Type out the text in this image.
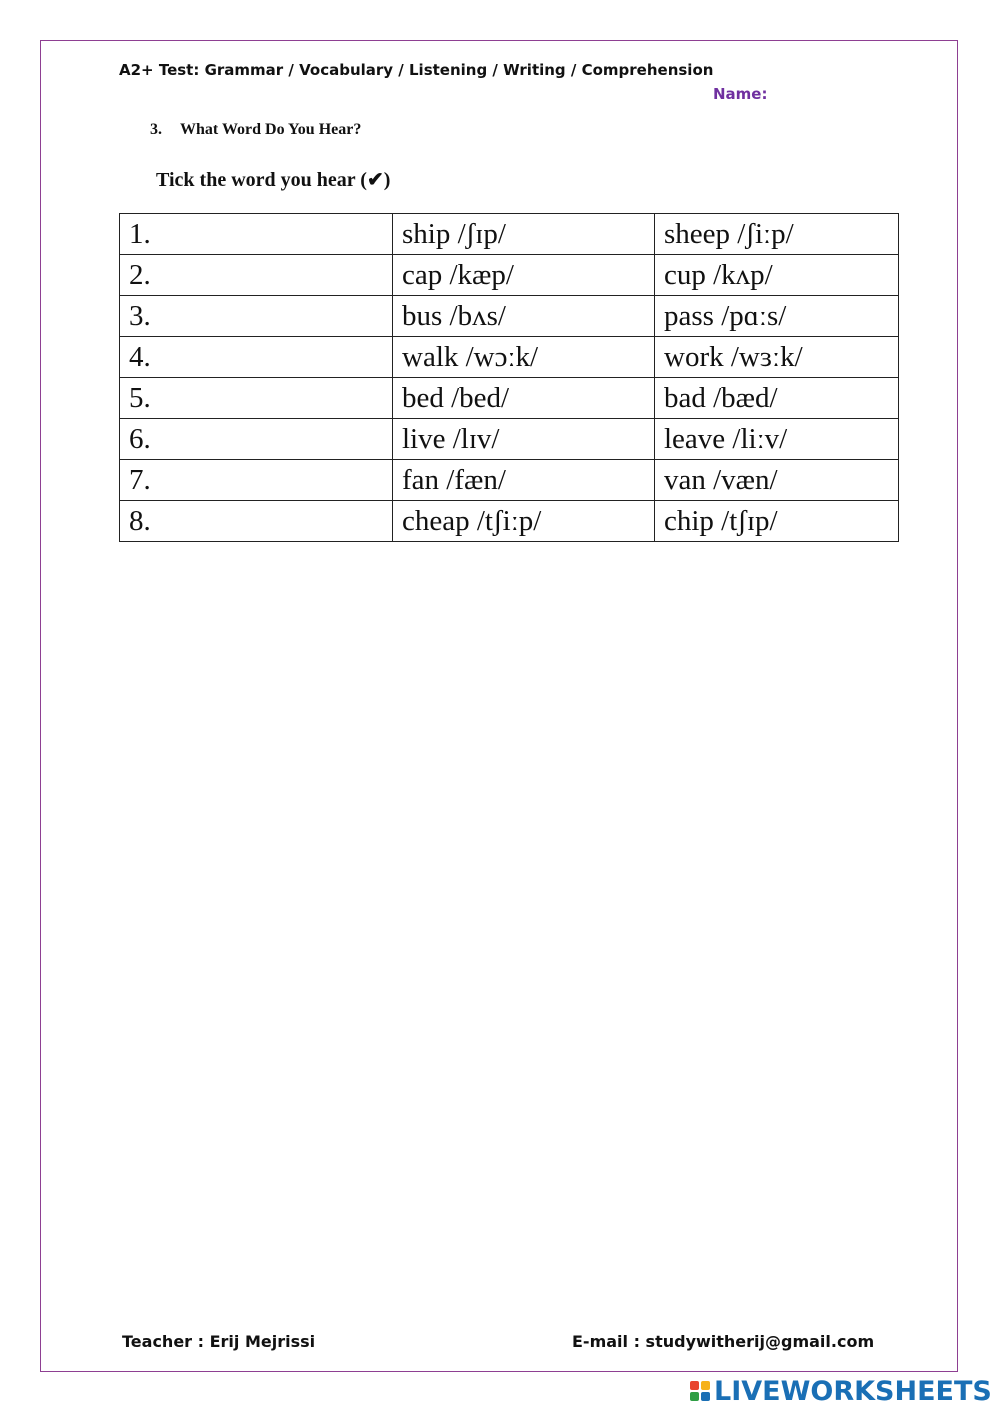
A2+ Test: Grammar / Vocabulary / Listening / Writing / Comprehension
Name:
3. What Word Do You Hear?
Tick the word you hear (✔)
1.	ship /ʃɪp/	sheep /ʃiːp/
2.	cap /kæp/	cup /kʌp/
3.	bus /bʌs/	pass /pɑːs/
4.	walk /wɔːk/	work /wɜːk/
5.	bed /bed/	bad /bæd/
6.	live /lɪv/	leave /liːv/
7.	fan /fæn/	van /væn/
8.	cheap /tʃiːp/	chip /tʃɪp/
Teacher : Erij Mejrissi	E-mail : studywitherij@gmail.com
LIVEWORKSHEETS
